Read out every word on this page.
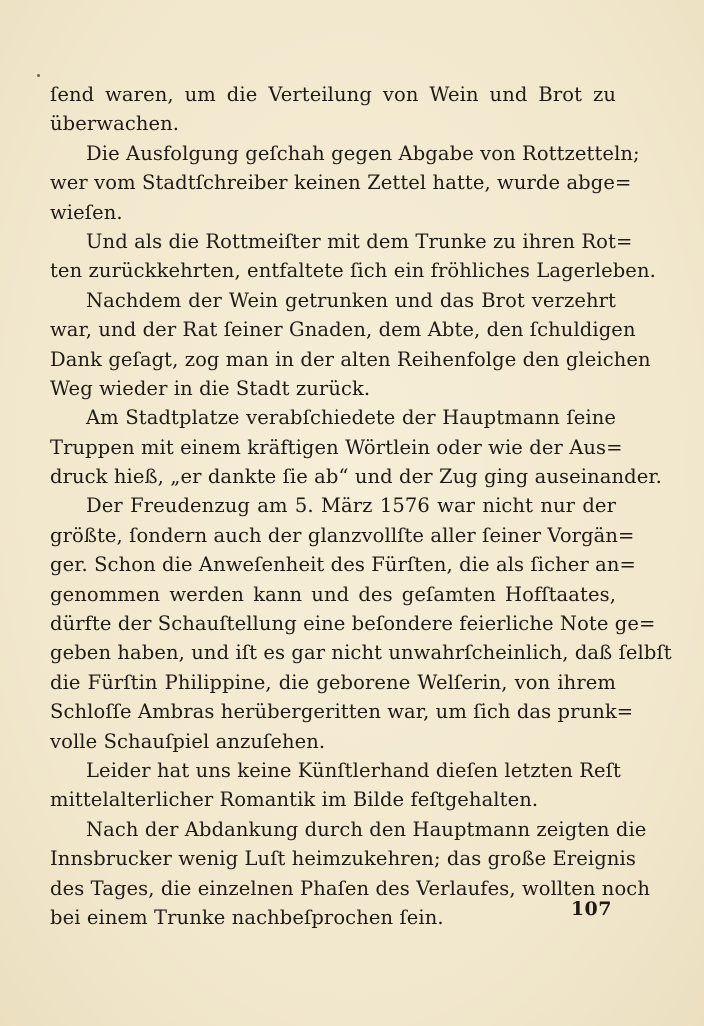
ſend waren, um die Verteilung von Wein und Brot zu
überwachen.
Die Ausfolgung geſchah gegen Abgabe von Rottzetteln;
wer vom Stadtſchreiber keinen Zettel hatte, wurde abge=
wieſen.
Und als die Rottmeiſter mit dem Trunke zu ihren Rot=
ten zurückkehrten, entfaltete ſich ein fröhliches Lagerleben.
Nachdem der Wein getrunken und das Brot verzehrt
war, und der Rat ſeiner Gnaden, dem Abte, den ſchuldigen
Dank geſagt, zog man in der alten Reihenfolge den gleichen
Weg wieder in die Stadt zurück.
Am Stadtplatze verabſchiedete der Hauptmann ſeine
Truppen mit einem kräftigen Wörtlein oder wie der Aus=
druck hieß, „er dankte ſie ab“ und der Zug ging auseinander.
Der Freudenzug am 5. März 1576 war nicht nur der
größte, ſondern auch der glanzvollſte aller ſeiner Vorgän=
ger. Schon die Anweſenheit des Fürſten, die als ſicher an=
genommen werden kann und des geſamten Hofſtaates,
dürfte der Schauſtellung eine beſondere feierliche Note ge=
geben haben, und iſt es gar nicht unwahrſcheinlich, daß ſelbſt
die Fürſtin Philippine, die geborene Welſerin, von ihrem
Schloſſe Ambras herübergeritten war, um ſich das prunk=
volle Schauſpiel anzuſehen.
Leider hat uns keine Künſtlerhand dieſen letzten Reſt
mittelalterlicher Romantik im Bilde feſtgehalten.
Nach der Abdankung durch den Hauptmann zeigten die
Innsbrucker wenig Luſt heimzukehren; das große Ereignis
des Tages, die einzelnen Phaſen des Verlaufes, wollten noch
bei einem Trunke nachbeſprochen ſein.	107
